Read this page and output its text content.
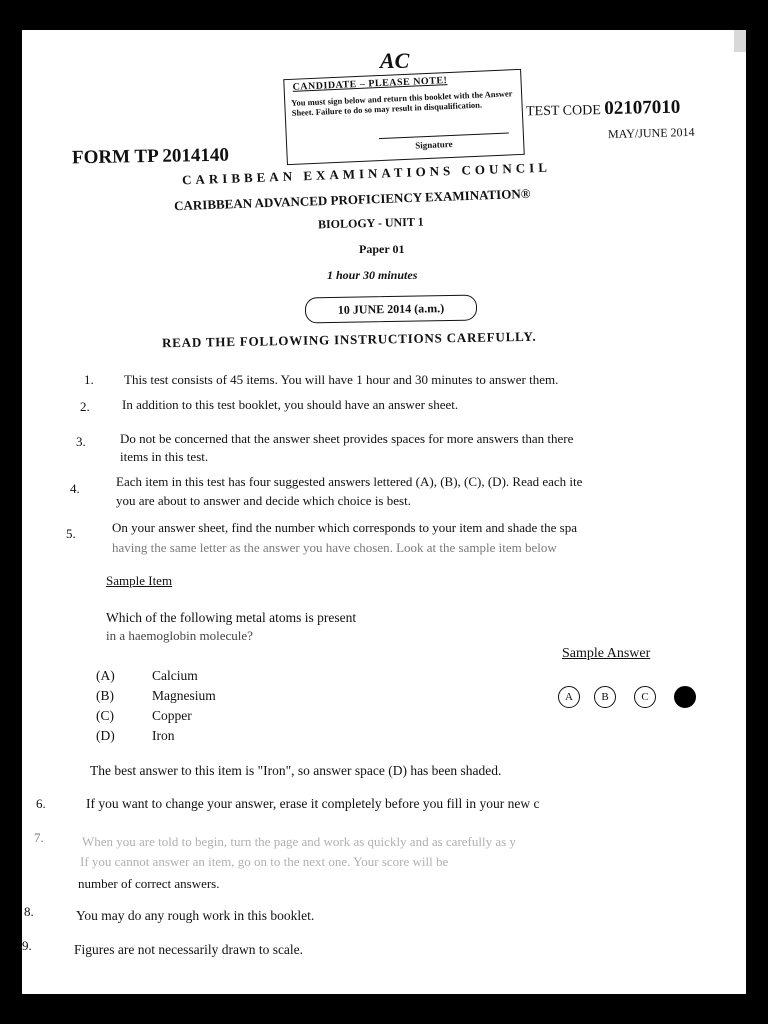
AC
CANDIDATE – PLEASE NOTE!
You must sign below and return this booklet with the Answer Sheet. Failure to do so may result in disqualification.
Signature
FORM TP 2014140
TEST CODE 02107010
MAY/JUNE 2014
CARIBBEAN EXAMINATIONS COUNCIL
CARIBBEAN ADVANCED PROFICIENCY EXAMINATION®
BIOLOGY - UNIT 1
Paper 01
1 hour 30 minutes
10 JUNE 2014 (a.m.)
READ THE FOLLOWING INSTRUCTIONS CAREFULLY.
1. This test consists of 45 items. You will have 1 hour and 30 minutes to answer them.
2. In addition to this test booklet, you should have an answer sheet.
3.	Do not be concerned that the answer sheet provides spaces for more answers than there
items in this test.
4.	Each item in this test has four suggested answers lettered (A), (B), (C), (D). Read each ite
you are about to answer and decide which choice is best.
5.	On your answer sheet, find the number which corresponds to your item and shade the spa
having the same letter as the answer you have chosen. Look at the sample item below
Sample Item
Which of the following metal atoms is present
in a haemoglobin molecule?
Sample Answer
(A)	Calcium
(B)	Magnesium
(C)	Copper
(D)	Iron
A	B	C	D
The best answer to this item is "Iron", so answer space (D) has been shaded.
6.	If you want to change your answer, erase it completely before you fill in your new c
7.	When you are told to begin, turn the page and work as quickly and as carefully as y
If you cannot answer an item, go on to the next one. Your score will be
number of correct answers.
8.	You may do any rough work in this booklet.
9.	Figures are not necessarily drawn to scale.
